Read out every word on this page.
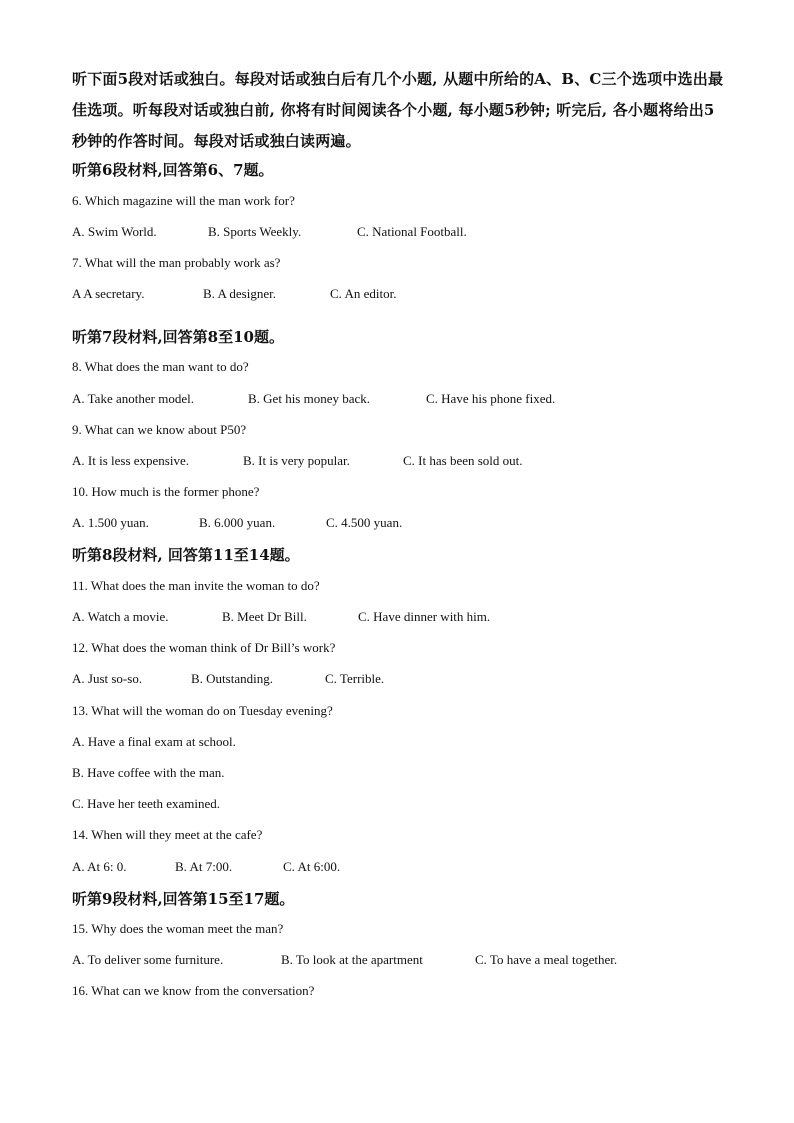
听下面5段对话或独白。每段对话或独白后有几个小题, 从题中所给的A、B、C三个选项中选出最佳选项。听每段对话或独白前, 你将有时间阅读各个小题, 每小题5秒钟; 听完后, 各小题将给出5秒钟的作答时间。每段对话或独白读两遍。
听第6段材料,回答第6、7题。
6. Which magazine will the man work for?
A. Swim World.	B. Sports Weekly.	C. National Football.
7. What will the man probably work as?
A A secretary.	B. A designer.	C. An editor.
听第7段材料,回答第8至10题。
8. What does the man want to do?
A. Take another model.	B. Get his money back.	C. Have his phone fixed.
9. What can we know about P50?
A. It is less expensive.	B. It is very popular.	C. It has been sold out.
10. How much is the former phone?
A. 1.500 yuan.	B. 6.000 yuan.	C. 4.500 yuan.
听第8段材料, 回答第11至14题。
11. What does the man invite the woman to do?
A. Watch a movie.	B. Meet Dr Bill.	C. Have dinner with him.
12. What does the woman think of Dr Bill’s work?
A. Just so-so.	B. Outstanding.	C. Terrible.
13. What will the woman do on Tuesday evening?
A. Have a final exam at school.
B. Have coffee with the man.
C. Have her teeth examined.
14. When will they meet at the cafe?
A. At 6: 0.	B. At 7:00.	C. At 6:00.
听第9段材料,回答第15至17题。
15. Why does the woman meet the man?
A. To deliver some furniture.	B. To look at the apartment	C. To have a meal together.
16. What can we know from the conversation?
